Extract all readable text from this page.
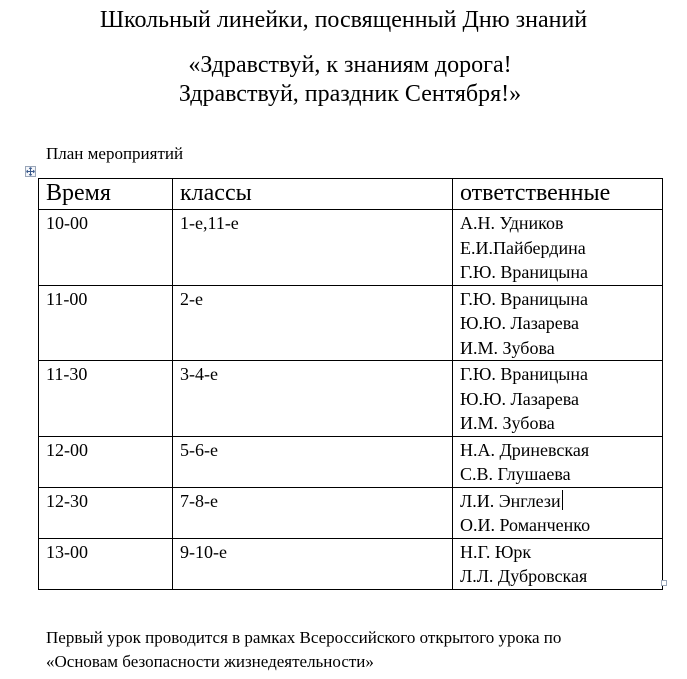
Школьный линейки, посвященный Дню знаний
«Здравствуй, к знаниям дорога!
Здравствуй, праздник Сентября!»
План мероприятий
Время	классы	ответственные
10-00	1-е,11-е	А.Н. Удников
Е.И.Пайбердина
Г.Ю. Враницына

11-00	2-е	Г.Ю. Враницына
Ю.Ю. Лазарева
И.М. Зубова

11-30	3-4-е	Г.Ю. Враницына
Ю.Ю. Лазарева
И.М. Зубова

12-00	5-6-е	Н.А. Дриневская
С.В. Глушаева

12-30	7-8-е	Л.И. Энглези
О.И. Романченко

13-00	9-10-е	Н.Г. Юрк
Л.Л. Дубровская
Первый урок проводится в рамках Всероссийского открытого урока по
«Основам безопасности жизнедеятельности»
